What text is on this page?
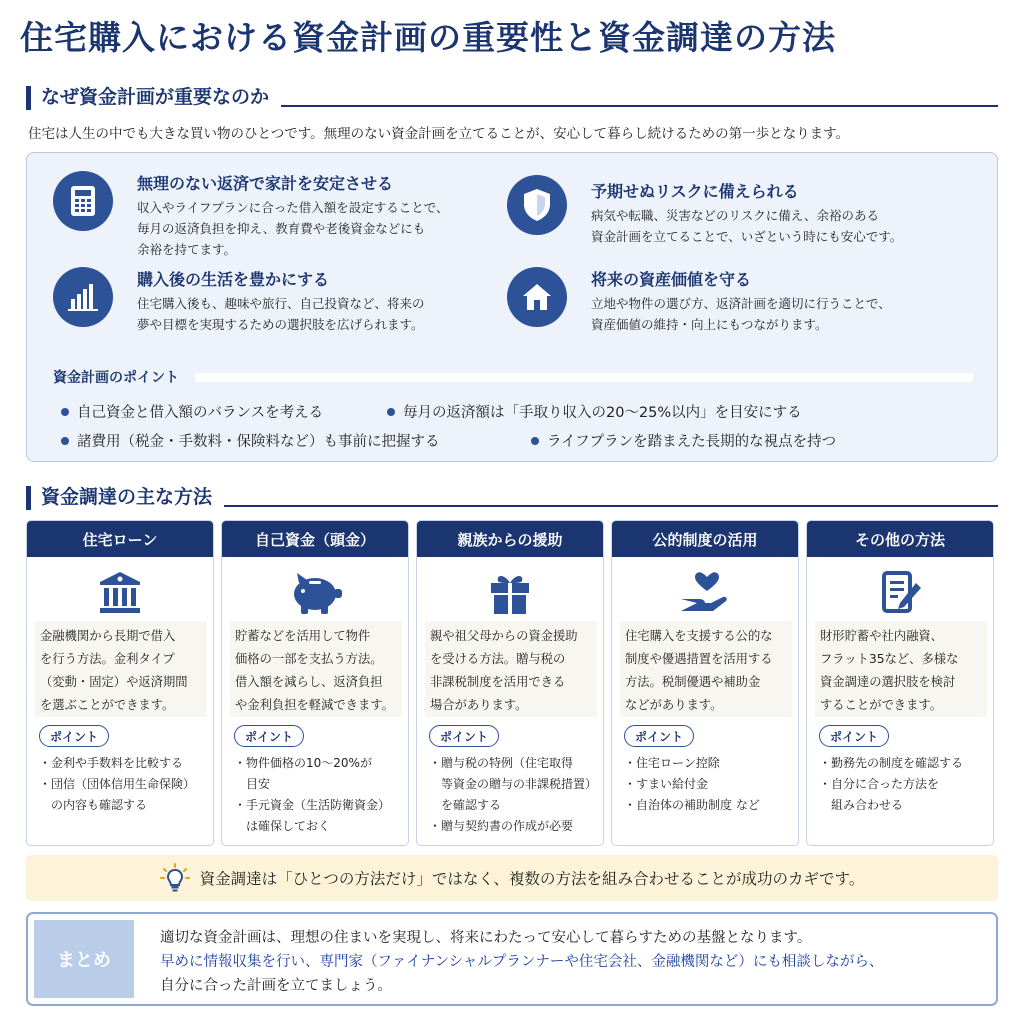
住宅購入における資金計画の重要性と資金調達の方法
なぜ資金計画が重要なのか
住宅は人生の中でも大きな買い物のひとつです。無理のない資金計画を立てることが、安心して暮らし続けるための第一歩となります。
無理のない返済で家計を安定させる
収入やライフプランに合った借入額を設定することで、
毎月の返済負担を抑え、教育費や老後資金などにも
余裕を持てます。
予期せぬリスクに備えられる
病気や転職、災害などのリスクに備え、余裕のある
資金計画を立てることで、いざという時にも安心です。
購入後の生活を豊かにする
住宅購入後も、趣味や旅行、自己投資など、将来の
夢や目標を実現するための選択肢を広げられます。
将来の資産価値を守る
立地や物件の選び方、返済計画を適切に行うことで、
資産価値の維持・向上にもつながります。
資金計画のポイント
自己資金と借入額のバランスを考える	毎月の返済額は「手取り収入の20〜25%以内」を目安にする
諸費用（税金・手数料・保険料など）も事前に把握する	ライフプランを踏まえた長期的な視点を持つ
資金調達の主な方法
住宅ローン
金融機関から長期で借入
を行う方法。金利タイプ
（変動・固定）や返済期間
を選ぶことができます。
ポイント
・金利や手数料を比較する
・団信（団体信用生命保険）
　の内容も確認する
自己資金（頭金）
貯蓄などを活用して物件
価格の一部を支払う方法。
借入額を減らし、返済負担
や金利負担を軽減できます。
ポイント
・物件価格の10〜20%が
　目安
・手元資金（生活防衛資金）
　は確保しておく
親族からの援助
親や祖父母からの資金援助
を受ける方法。贈与税の
非課税制度を活用できる
場合があります。
ポイント
・贈与税の特例（住宅取得
　等資金の贈与の非課税措置）
　を確認する
・贈与契約書の作成が必要
公的制度の活用
住宅購入を支援する公的な
制度や優遇措置を活用する
方法。税制優遇や補助金
などがあります。
ポイント
・住宅ローン控除
・すまい給付金
・自治体の補助制度 など
その他の方法
財形貯蓄や社内融資、
フラット35など、多様な
資金調達の選択肢を検討
することができます。
ポイント
・勤務先の制度を確認する
・自分に合った方法を
　組み合わせる
資金調達は「ひとつの方法だけ」ではなく、複数の方法を組み合わせることが成功のカギです。
まとめ
適切な資金計画は、理想の住まいを実現し、将来にわたって安心して暮らすための基盤となります。
早めに情報収集を行い、専門家（ファイナンシャルプランナーや住宅会社、金融機関など）にも相談しながら、
自分に合った計画を立てましょう。
